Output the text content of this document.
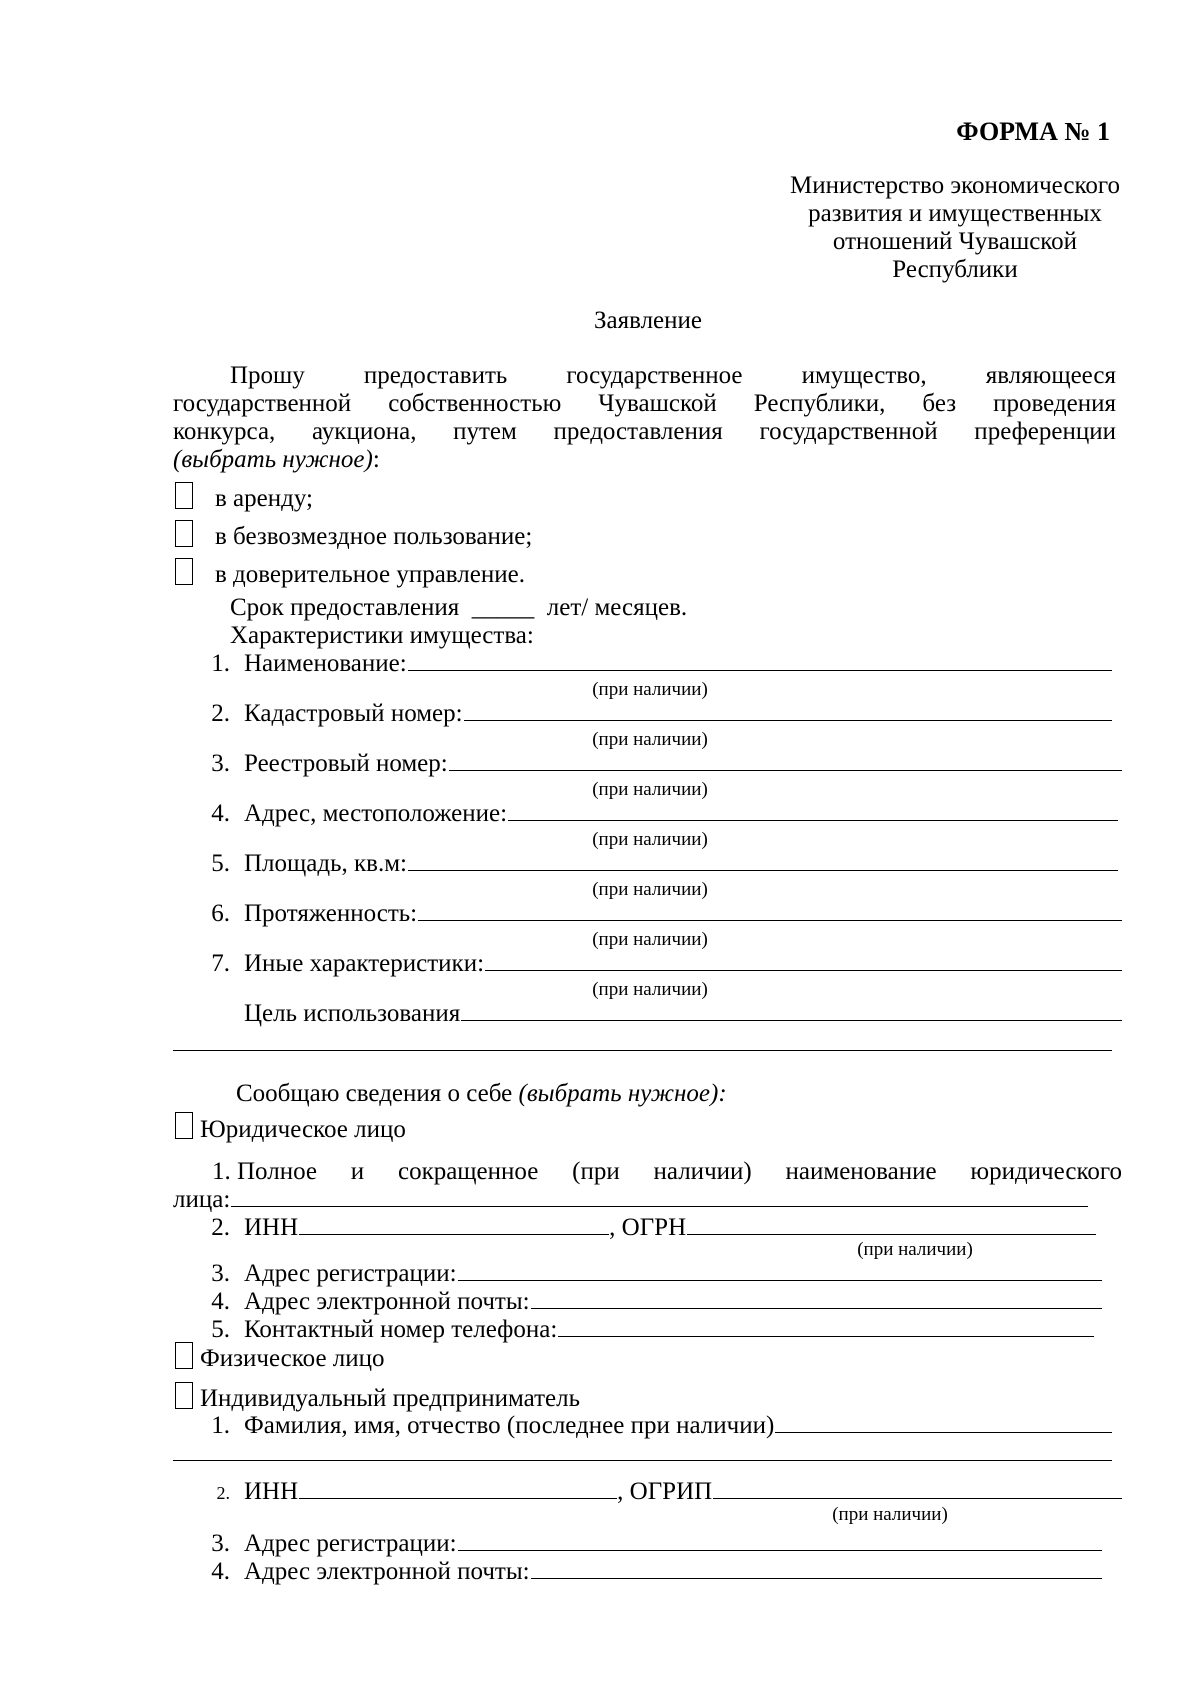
ФОРМА № 1
Министерство экономического
развития и имущественных
отношений Чувашской
Республики
Заявление
Прошу предоставить государственное имущество, являющееся
государственной собственностью Чувашской Республики, без проведения
конкурса, аукциона, путем предоставления государственной преференции
(выбрать нужное):
в аренду;
в безвозмездное пользование;
в доверительное управление.
Срок предоставления _____ лет/ месяцев.
Характеристики имущества:
1. Наименование:
(при наличии)
2. Кадастровый номер:
(при наличии)
3. Реестровый номер:
(при наличии)
4. Адрес, местоположение:
(при наличии)
5. Площадь, кв.м:
(при наличии)
6. Протяженность:
(при наличии)
7. Иные характеристики:
(при наличии)
Цель использования
Сообщаю сведения о себе (выбрать нужное):
Юридическое лицо
1. Полное и сокращенное (при наличии) наименование юридического
лица:
2. ИНН	, ОГРН
(при наличии)
3. Адрес регистрации:
4. Адрес электронной почты:
5. Контактный номер телефона:
Физическое лицо
Индивидуальный предприниматель
1. Фамилия, имя, отчество (последнее при наличии)
2. ИНН	, ОГРИП
(при наличии)
3. Адрес регистрации:
4. Адрес электронной почты:
